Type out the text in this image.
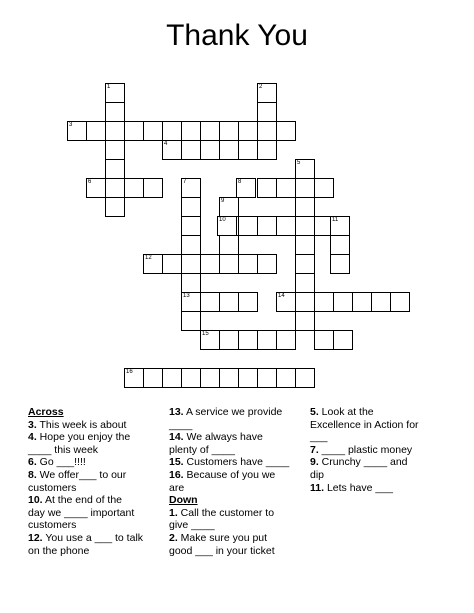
Thank You
3
1	2
4
6
5
8
7
9
10	11
12
13	14
15
16
Across
3. This week is about
4. Hope you enjoy the
____ this week
6. Go ___!!!!
8. We offer___ to our
customers
10. At the end of the
day we ____ important
customers
12. You use a ___ to talk
on the phone
13. A service we provide
____
14. We always have
plenty of ____
15. Customers have ____
16. Because of you we
are
Down
1. Call the customer to
give ____
2. Make sure you put
good ___ in your ticket
5. Look at the
Excellence in Action for
___
7. ____ plastic money
9. Crunchy ____ and
dip
11. Lets have ___
